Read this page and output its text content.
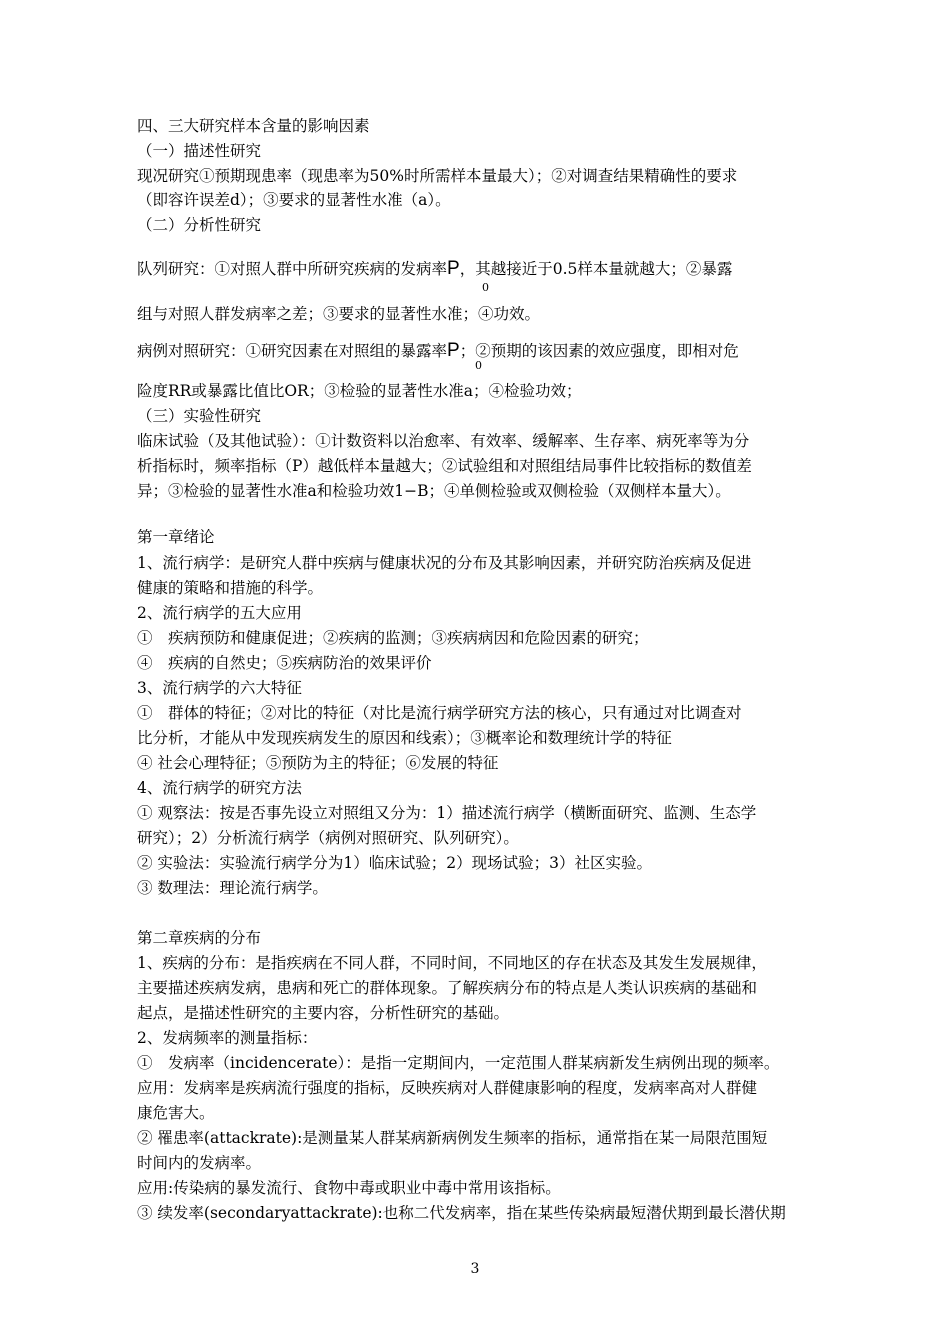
四、三大研究样本含量的影响因素
（一）描述性研究
现况研究①预期现患率（现患率为50%时所需样本量最大）；②对调查结果精确性的要求
（即容许误差d）；③要求的显著性水准（a）。
（二）分析性研究
队列研究：①对照人群中所研究疾病的发病率P，其越接近于0.5样本量就越大；②暴露
0
组与对照人群发病率之差；③要求的显著性水准；④功效。
病例对照研究：①研究因素在对照组的暴露率P；②预期的该因素的效应强度，即相对危
0
险度RR或暴露比值比OR；③检验的显著性水准a；④检验功效；
（三）实验性研究
临床试验（及其他试验）：①计数资料以治愈率、有效率、缓解率、生存率、病死率等为分
析指标时，频率指标（P）越低样本量越大；②试验组和对照组结局事件比较指标的数值差
异；③检验的显著性水准a和检验功效1−B；④单侧检验或双侧检验（双侧样本量大）。
第一章绪论
1、流行病学：是研究人群中疾病与健康状况的分布及其影响因素，并研究防治疾病及促进
健康的策略和措施的科学。
2、流行病学的五大应用
①　疾病预防和健康促进；②疾病的监测；③疾病病因和危险因素的研究；
④　疾病的自然史；⑤疾病防治的效果评价
3、流行病学的六大特征
①　群体的特征；②对比的特征（对比是流行病学研究方法的核心，只有通过对比调查对
比分析，才能从中发现疾病发生的原因和线索）；③概率论和数理统计学的特征
④ 社会心理特征；⑤预防为主的特征；⑥发展的特征
4、流行病学的研究方法
① 观察法：按是否事先设立对照组又分为：1）描述流行病学（横断面研究、监测、生态学
研究）；2）分析流行病学（病例对照研究、队列研究）。
② 实验法：实验流行病学分为1）临床试验；2）现场试验；3）社区实验。
③ 数理法：理论流行病学。
第二章疾病的分布
1、疾病的分布：是指疾病在不同人群，不同时间，不同地区的存在状态及其发生发展规律，
主要描述疾病发病，患病和死亡的群体现象。了解疾病分布的特点是人类认识疾病的基础和
起点，是描述性研究的主要内容，分析性研究的基础。
2、发病频率的测量指标：
①　发病率（incidencerate）：是指一定期间内，一定范围人群某病新发生病例出现的频率。
应用：发病率是疾病流行强度的指标，反映疾病对人群健康影响的程度，发病率高对人群健
康危害大。
② 罹患率(attackrate):是测量某人群某病新病例发生频率的指标，通常指在某一局限范围短
时间内的发病率。
应用:传染病的暴发流行、食物中毒或职业中毒中常用该指标。
③ 续发率(secondaryattackrate):也称二代发病率，指在某些传染病最短潜伏期到最长潜伏期
3
